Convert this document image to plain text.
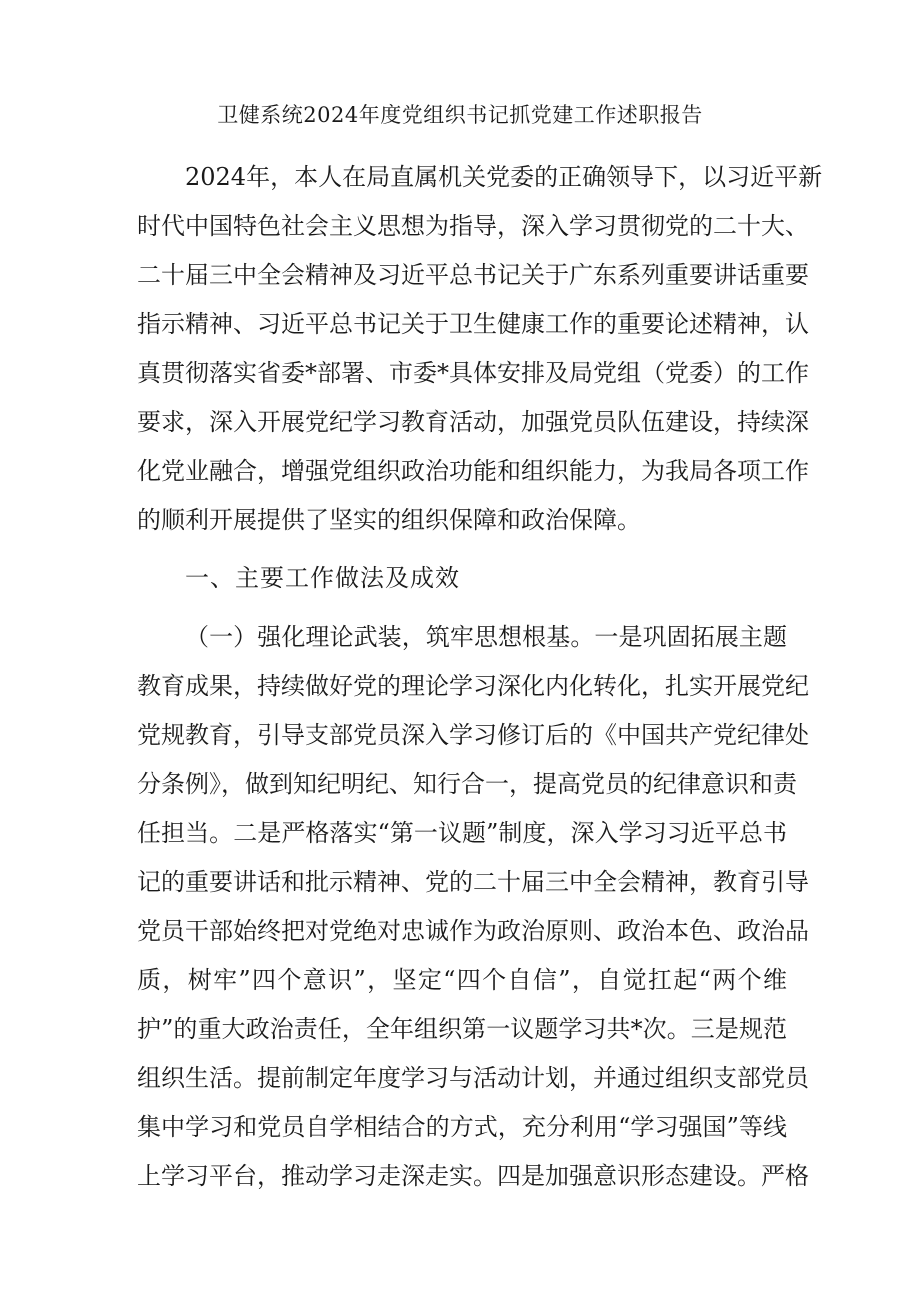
卫健系统2024年度党组织书记抓党建工作述职报告
2024年，本人在局直属机关党委的正确领导下，以习近平新
时代中国特色社会主义思想为指导，深入学习贯彻党的二十大、
二十届三中全会精神及习近平总书记关于广东系列重要讲话重要
指示精神、习近平总书记关于卫生健康工作的重要论述精神，认
真贯彻落实省委*部署、市委*具体安排及局党组（党委）的工作
要求，深入开展党纪学习教育活动，加强党员队伍建设，持续深
化党业融合，增强党组织政治功能和组织能力，为我局各项工作
的顺利开展提供了坚实的组织保障和政治保障。
一、主要工作做法及成效
（一）强化理论武装，筑牢思想根基。一是巩固拓展主题
教育成果，持续做好党的理论学习深化内化转化，扎实开展党纪
党规教育，引导支部党员深入学习修订后的《中国共产党纪律处
分条例》，做到知纪明纪、知行合一，提高党员的纪律意识和责
任担当。二是严格落实“第一议题”制度，深入学习习近平总书
记的重要讲话和批示精神、党的二十届三中全会精神，教育引导
党员干部始终把对党绝对忠诚作为政治原则、政治本色、政治品
质，树牢”四个意识”，坚定“四个自信”，自觉扛起“两个维
护”的重大政治责任，全年组织第一议题学习共*次。三是规范
组织生活。提前制定年度学习与活动计划，并通过组织支部党员
集中学习和党员自学相结合的方式，充分利用“学习强国”等线
上学习平台，推动学习走深走实。四是加强意识形态建设。严格
